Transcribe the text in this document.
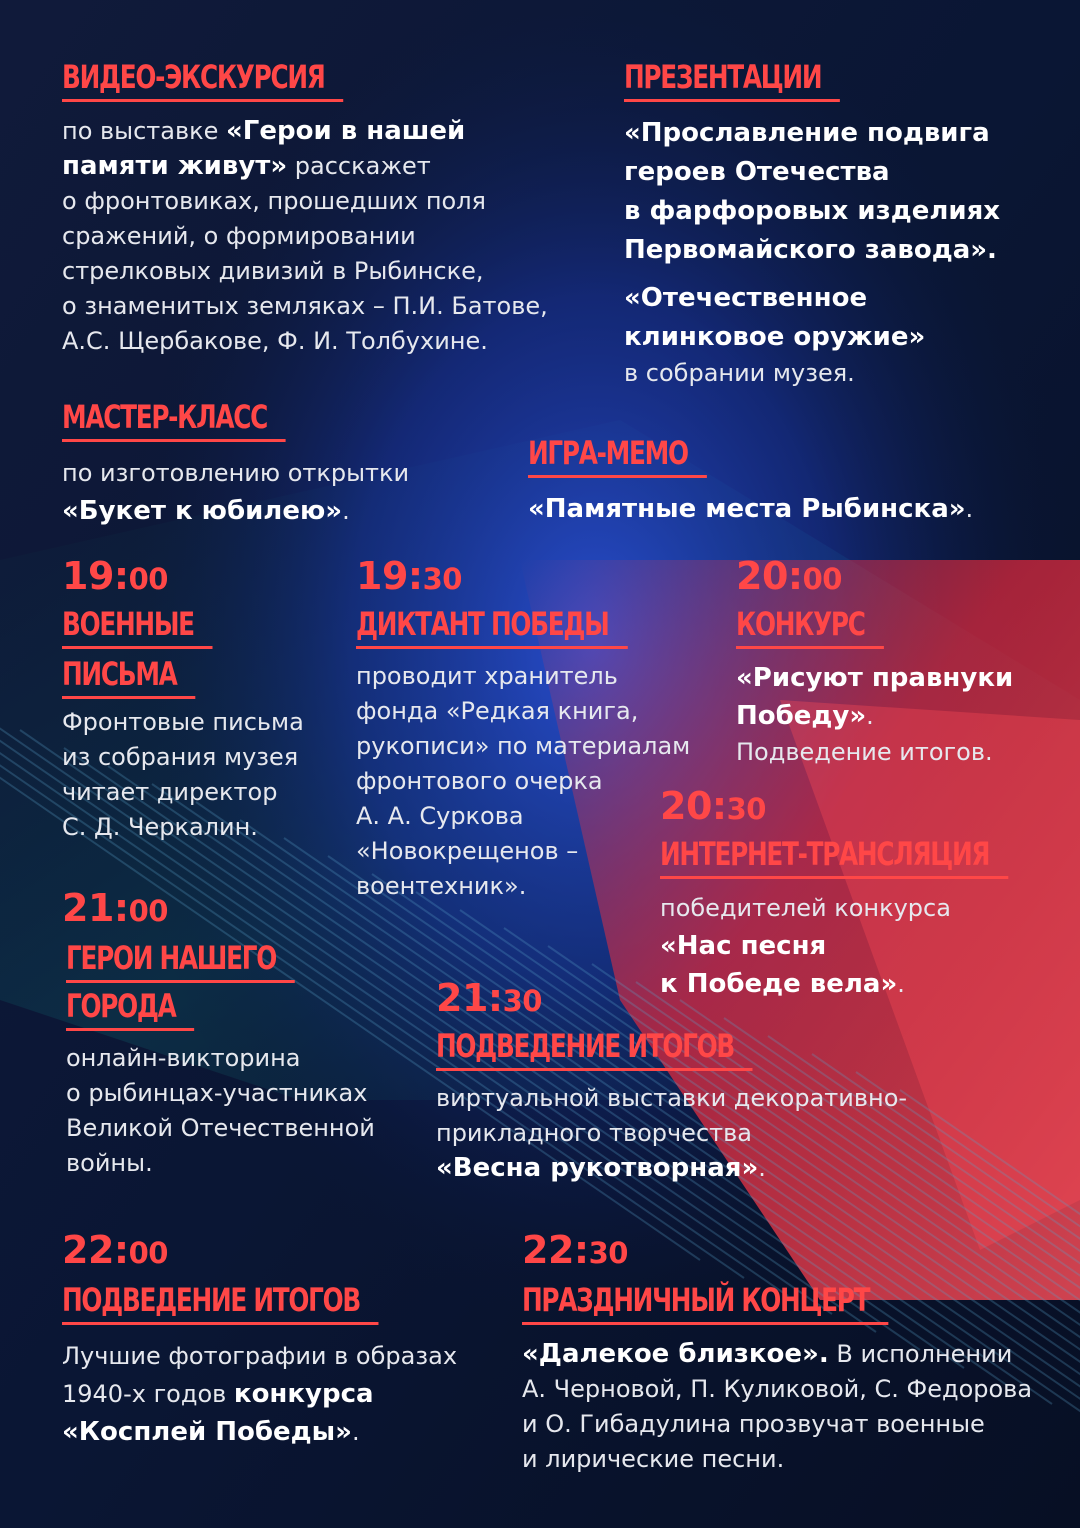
ВИДЕО-ЭКСКУРСИЯ
по выставке «Герои в нашей
памяти живут» расскажет
о фронтовиках, прошедших поля
сражений, о формировании
стрелковых дивизий в Рыбинске,
о знаменитых земляках – П.И. Батове,
А.С. Щербакове, Ф. И. Толбухине.
ПРЕЗЕНТАЦИИ
«Прославление подвига
героев Отечества
в фарфоровых изделиях
Первомайского завода».
«Отечественное
клинковое оружие»
в собрании музея.
МАСТЕР-КЛАСС
по изготовлению открытки
«Букет к юбилею».
ИГРА-МЕМО
«Памятные места Рыбинска».
19:00
ВОЕННЫЕ
ПИСЬМА
Фронтовые письма
из собрания музея
читает директор
С. Д. Черкалин.
19:30
ДИКТАНТ ПОБЕДЫ
проводит хранитель
фонда «Редкая книга,
рукописи» по материалам
фронтового очерка
А. А. Суркова
«Новокрещенов –
воентехник».
20:00
КОНКУРС
«Рисуют правнуки
Победу».
Подведение итогов.
20:30
ИНТЕРНЕТ-ТРАНСЛЯЦИЯ
победителей конкурса
«Нас песня
к Победе вела».
21:00
ГЕРОИ НАШЕГО
ГОРОДА
онлайн-викторина
о рыбинцах-участниках
Великой Отечественной
войны.
21:30
ПОДВЕДЕНИЕ ИТОГОВ
виртуальной выставки декоративно-
прикладного творчества
«Весна рукотворная».
22:00
ПОДВЕДЕНИЕ ИТОГОВ
Лучшие фотографии в образах
1940-х годов конкурса
«Косплей Победы».
22:30
ПРАЗДНИЧНЫЙ КОНЦЕРТ
«Далекое близкое». В исполнении
А. Черновой, П. Куликовой, С. Федорова
и О. Гибадулина прозвучат военные
и лирические песни.
